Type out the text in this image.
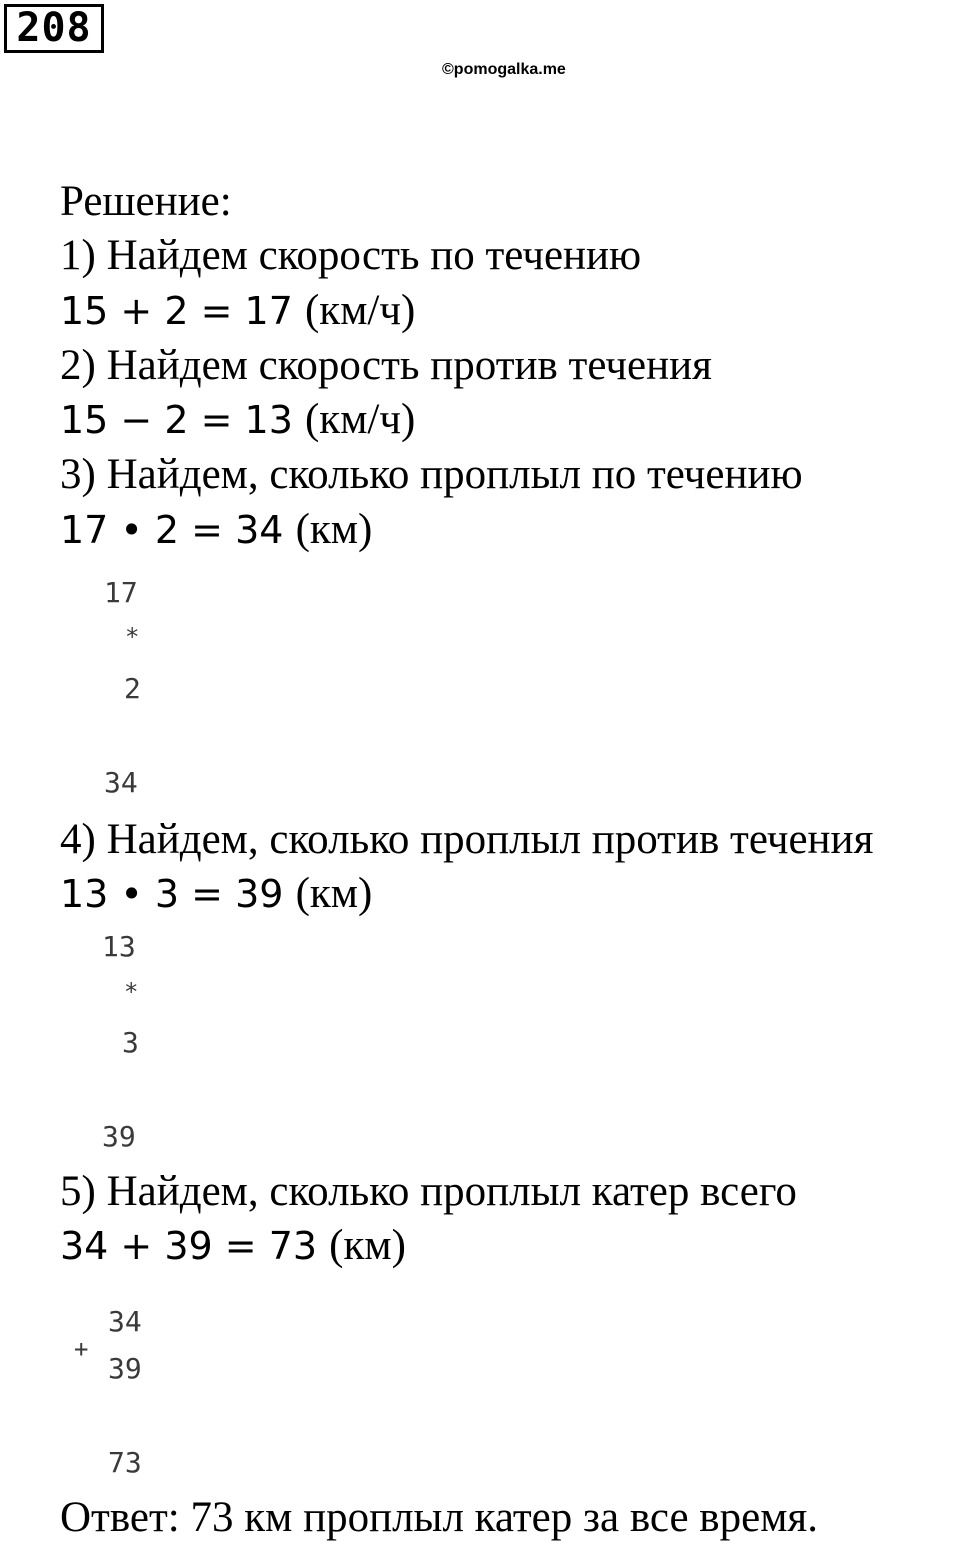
208
©pomogalka.me
Решение:
1) Найдем скорость по течению
15 + 2 = 17 (км/ч)
2) Найдем скорость против течения
15 − 2 = 13 (км/ч)
3) Найдем, сколько проплыл по течению
17 • 2 = 34 (км)
17
*
2
34
4) Найдем, сколько проплыл против течения
13 • 3 = 39 (км)
13
*
3
39
5) Найдем, сколько проплыл катер всего
34 + 39 = 73 (км)
34
+
39
73
Ответ: 73 км проплыл катер за все время.
